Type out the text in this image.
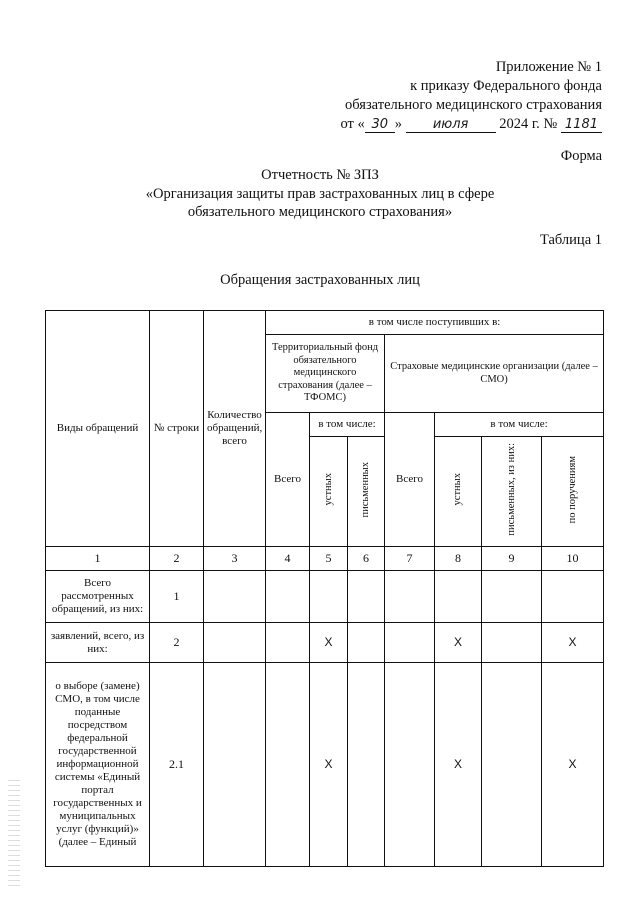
Приложение № 1
к приказу Федерального фонда
обязательного медицинского страхования
от « 30 » июля 2024 г. № 1181
Форма
Отчетность № ЗПЗ
«Организация защиты прав застрахованных лиц в сфере
обязательного медицинского страхования»
Таблица 1
Обращения застрахованных лиц
Виды обращений	№ строки	Количество обращений, всего	в том числе поступивших в:						
			Территориальный фонд обязательного медицинского страхования (далее – ТФОМС)			Страховые медицинские организации (далее – СМО)			
			Всего	в том числе:		Всего	в том числе:		
				устных	письменных		устных	письменных, из них:	по поручениям
1	2	3	4	5	6	7	8	9	10
Всего рассмотренных обращений, из них:	1								
заявлений, всего, из них:	2			X			X		X
о выборе (замене) СМО, в том числе поданные посредством федеральной государственной информационной системы «Единый портал государственных и муниципальных услуг (функций)» (далее – Единый	2.1			X			X		X
